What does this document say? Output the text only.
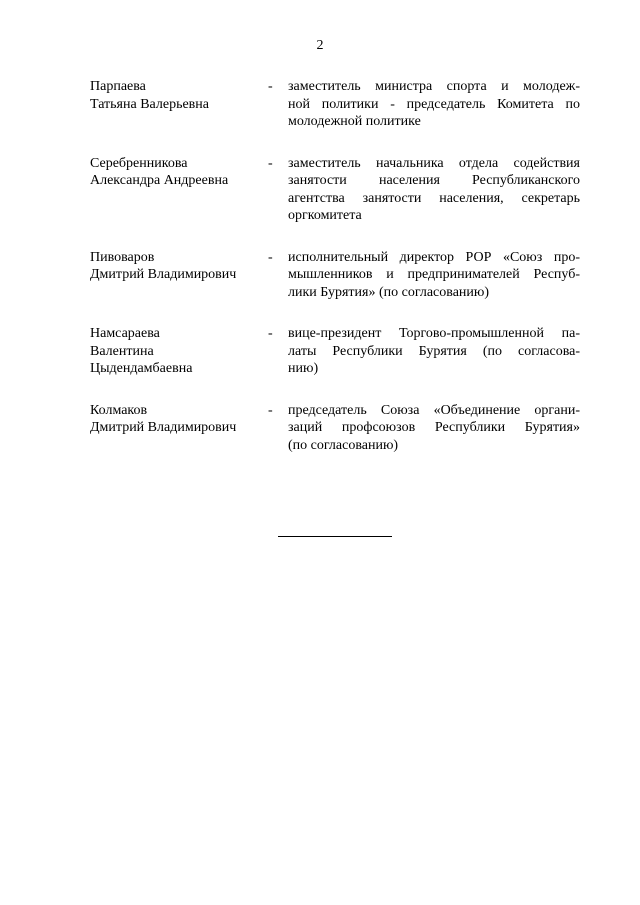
2
Парпаева
Татьяна Валерьевна
-	заместитель министра спорта и молодеж-
ной политики - председатель Комитета по
молодежной политике
Серебренникова
Александра Андреевна
-	заместитель начальника отдела содействия
занятости населения Республиканского
агентства занятости населения, секретарь
оргкомитета
Пивоваров
Дмитрий Владимирович
-	исполнительный директор РОР «Союз про-
мышленников и предпринимателей Респуб-
лики Бурятия» (по согласованию)
Намсараева
Валентина
Цыдендамбаевна
-	вице-президент Торгово-промышленной па-
латы Республики Бурятия (по согласова-
нию)
Колмаков
Дмитрий Владимирович
-	председатель Союза «Объединение органи-
заций профсоюзов Республики Бурятия»
(по согласованию)
